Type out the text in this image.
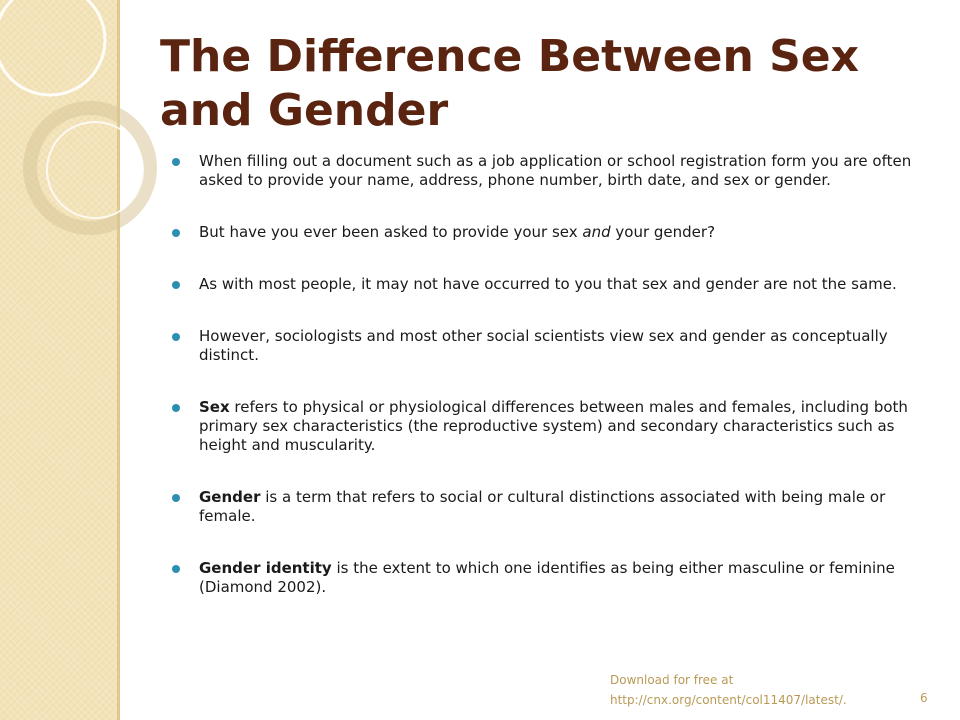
The Difference Between Sex and Gender
When filling out a document such as a job application or school registration form you are often asked to provide your name, address, phone number, birth date, and sex or gender.
But have you ever been asked to provide your sex and your gender?
As with most people, it may not have occurred to you that sex and gender are not the same.
However, sociologists and most other social scientists view sex and gender as conceptually distinct.
Sex refers to physical or physiological differences between males and females, including both primary sex characteristics (the reproductive system) and secondary characteristics such as height and muscularity.
Gender is a term that refers to social or cultural distinctions associated with being male or female.
Gender identity is the extent to which one identifies as being either masculine or feminine (Diamond 2002).
Download for free at http://cnx.org/content/col11407/latest/.	6
